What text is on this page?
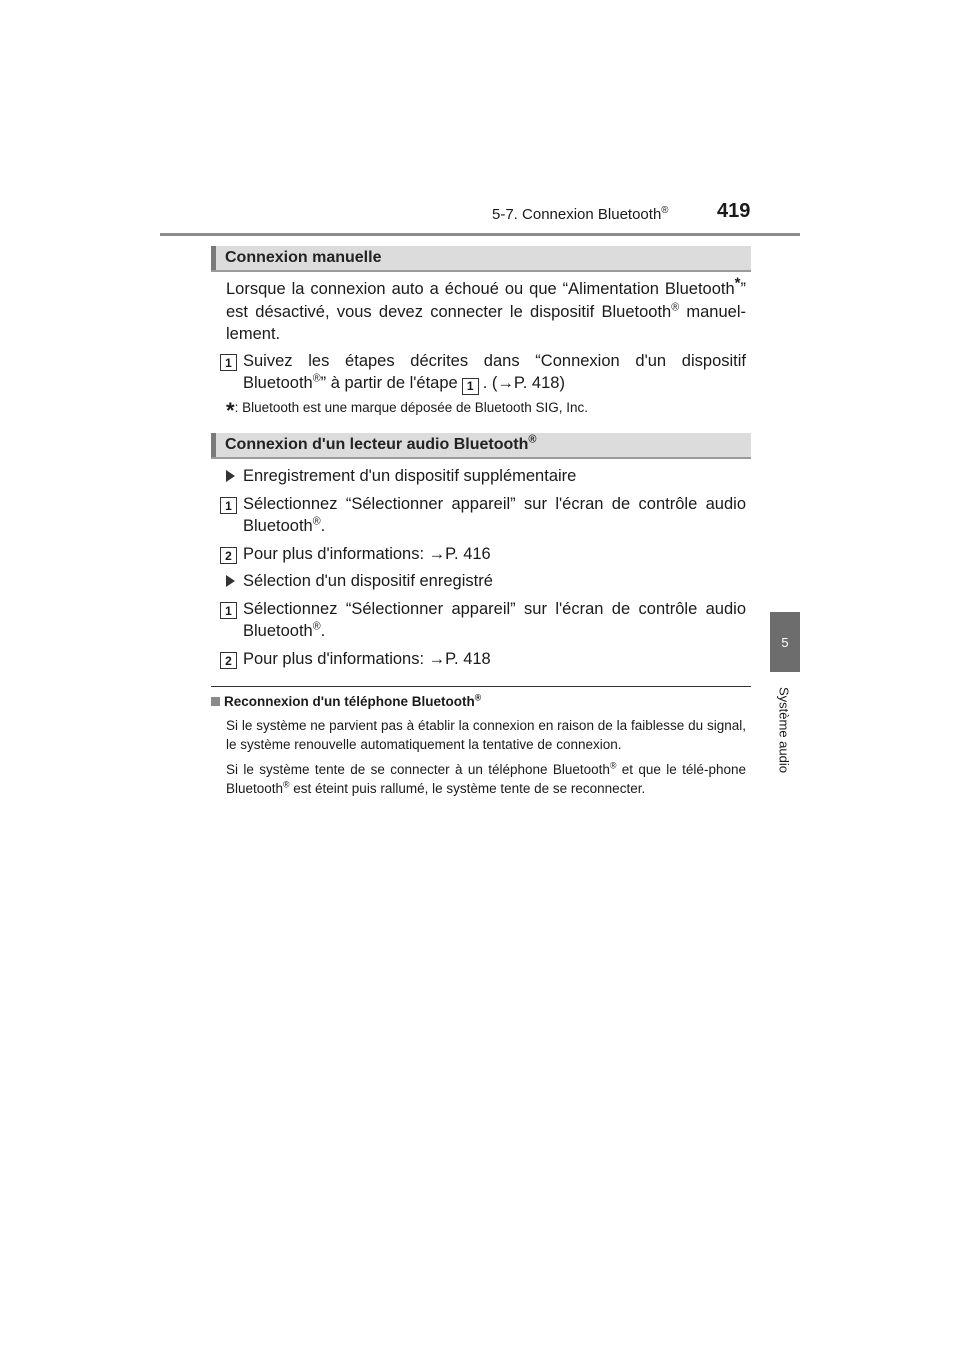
5-7. Connexion Bluetooth® 419
5
Système audio
Connexion manuelle
Lorsque la connexion auto a échoué ou que “Alimentation Bluetooth*” est désactivé, vous devez connecter le dispositif Bluetooth® manuel-lement.
1 Suivez les étapes décrites dans “Connexion d'un dispositif Bluetooth®” à partir de l'étape 1 . (→P. 418)
*: Bluetooth est une marque déposée de Bluetooth SIG, Inc.
Connexion d'un lecteur audio Bluetooth®
Enregistrement d'un dispositif supplémentaire
1 Sélectionnez “Sélectionner appareil” sur l'écran de contrôle audio Bluetooth®.
2 Pour plus d'informations: →P. 416
Sélection d'un dispositif enregistré
1 Sélectionnez “Sélectionner appareil” sur l'écran de contrôle audio Bluetooth®.
2 Pour plus d'informations: →P. 418
Reconnexion d'un téléphone Bluetooth®
Si le système ne parvient pas à établir la connexion en raison de la faiblesse du signal, le système renouvelle automatiquement la tentative de connexion.
Si le système tente de se connecter à un téléphone Bluetooth® et que le télé-phone Bluetooth® est éteint puis rallumé, le système tente de se reconnecter.
